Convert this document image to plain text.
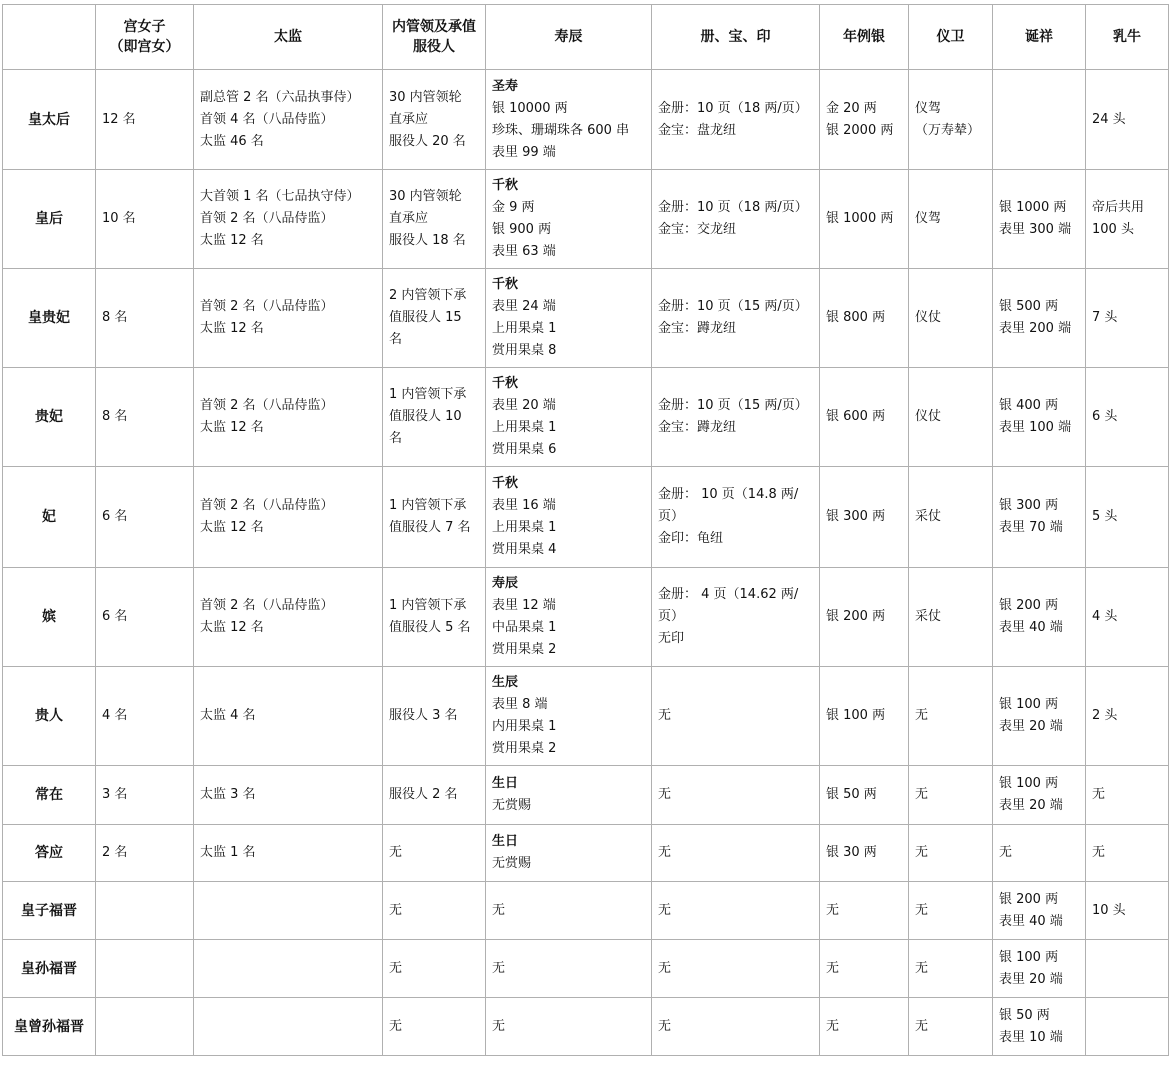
	宫女子
（即宫女）	太监	内管领及承值服役人	寿辰	册、宝、印	年例银	仪卫	诞祥	乳牛
皇太后	12 名	副总管 2 名（六品执事侍）
首领 4 名（八品侍监）
太监 46 名	30 内管领轮
直承应
服役人 20 名	圣寿
银 10000 两
珍珠、珊瑚珠各 600 串
表里 99 端	金册：10 页（18 两/页）
金宝：盘龙纽	金 20 两
银 2000 两	仪驾
（万寿辇）		24 头

皇后	10 名	大首领 1 名（七品执守侍）
首领 2 名（八品侍监）
太监 12 名	30 内管领轮
直承应
服役人 18 名	千秋
金 9 两
银 900 两
表里 63 端	金册：10 页（18 两/页）
金宝：交龙纽	银 1000 两	仪驾	银 1000 两
表里 300 端	帝后共用
100 头

皇贵妃	8 名	首领 2 名（八品侍监）
太监 12 名	2 内管领下承
值服役人 15
名	千秋
表里 24 端
上用果桌 1
赏用果桌 8	金册：10 页（15 两/页）
金宝：蹲龙纽	银 800 两	仪仗	银 500 两
表里 200 端	7 头

贵妃	8 名	首领 2 名（八品侍监）
太监 12 名	1 内管领下承
值服役人 10
名	千秋
表里 20 端
上用果桌 1
赏用果桌 6	金册：10 页（15 两/页）
金宝：蹲龙纽	银 600 两	仪仗	银 400 两
表里 100 端	6 头

妃	6 名	首领 2 名（八品侍监）
太监 12 名	1 内管领下承
值服役人 7 名	千秋
表里 16 端
上用果桌 1
赏用果桌 4	金册： 10 页（14.8 两/
页）
金印：龟纽	银 300 两	采仗	银 300 两
表里 70 端	5 头

嫔	6 名	首领 2 名（八品侍监）
太监 12 名	1 内管领下承
值服役人 5 名	寿辰
表里 12 端
中品果桌 1
赏用果桌 2	金册： 4 页（14.62 两/
页）
无印	银 200 两	采仗	银 200 两
表里 40 端	4 头

贵人	4 名	太监 4 名	服役人 3 名	生辰
表里 8 端
内用果桌 1
赏用果桌 2	无	银 100 两	无	银 100 两
表里 20 端	2 头

常在	3 名	太监 3 名	服役人 2 名	生日
无赏赐	无	银 50 两	无	银 100 两
表里 20 端	无

答应	2 名	太监 1 名	无	生日
无赏赐	无	银 30 两	无	无	无

皇子福晋			无	无	无	无	无	银 200 两
表里 40 端	10 头

皇孙福晋			无	无	无	无	无	银 100 两
表里 20 端	

皇曾孙福晋			无	无	无	无	无	银 50 两
表里 10 端	
